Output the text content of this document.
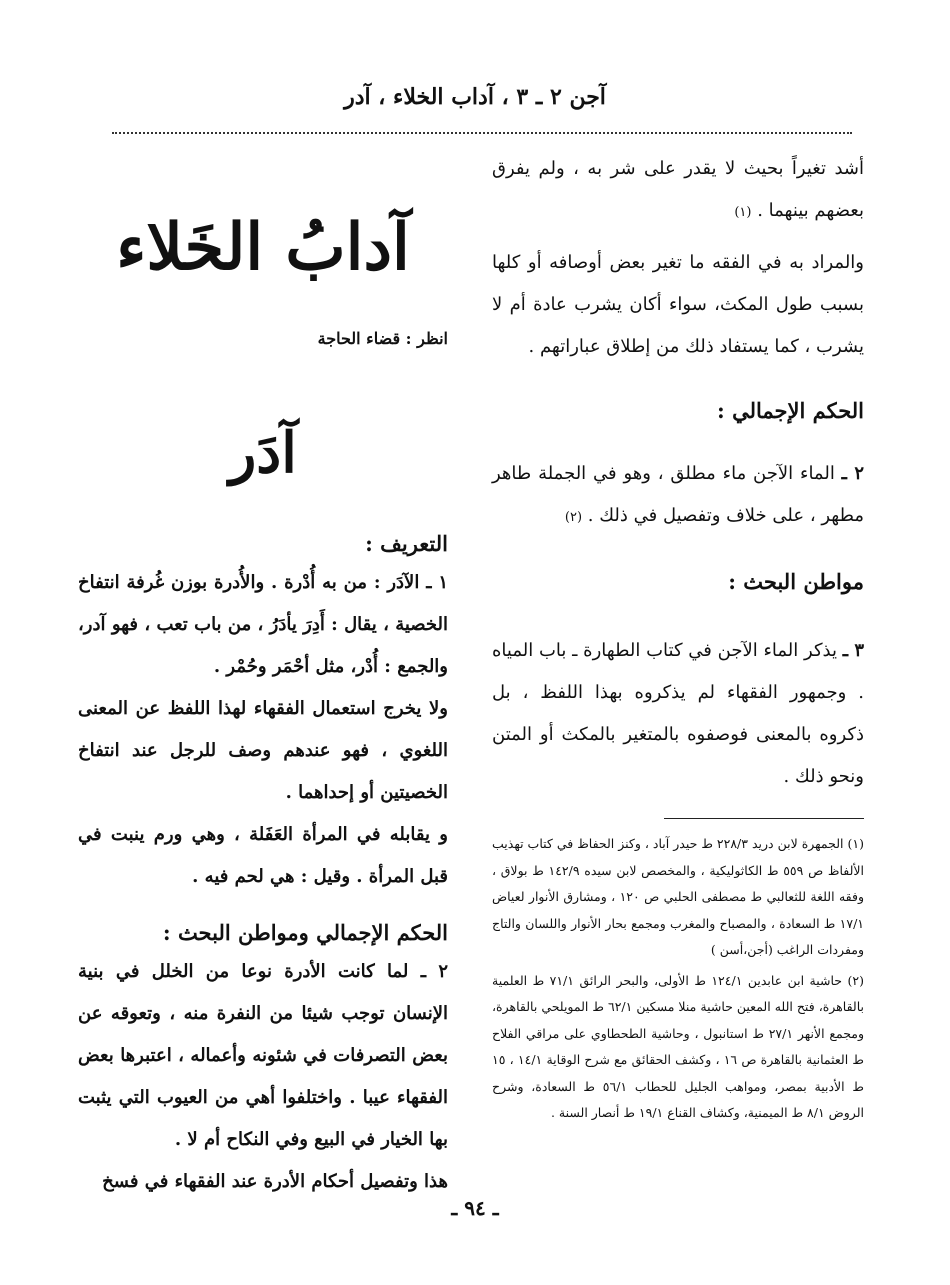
آجن ٢ ـ ٣ ، آداب الخلاء ، آدر

أشد تغيراً بحيث لا يقدر على شر به ، ولم يفرق بعضهم بينهما . (١)

والمراد به في الفقه ما تغير بعض أوصافه أو كلها بسبب طول المكث، سواء أكان يشرب عادة أم لا يشرب ، كما يستفاد ذلك من إطلاق عباراتهم .

الحكم الإجمالي :

٢ ـ الماء الآجن ماء مطلق ، وهو في الجملة طاهر مطهر ، على خلاف وتفصيل في ذلك . (٢)

مواطن البحث :

٣ ـ يذكر الماء الآجن في كتاب الطهارة ـ باب المياه . وجمهور الفقهاء لم يذكروه بهذا اللفظ ، بل ذكروه بالمعنى فوصفوه بالمتغير بالمكث أو المتن ونحو ذلك .

(١) الجمهرة لابن دريد ٢٢٨/٣ ط حيدر آباد ، وكنز الحفاظ في كتاب تهذيب الألفاظ ص ٥٥٩ ط الكاثوليكية ، والمخصص لابن سيده ١٤٢/٩ ط بولاق ، وفقه اللغة للثعالبي ط مصطفى الحلبي ص ١٢٠ ، ومشارق الأنوار لعياض ١٧/١ ط السعادة ، والمصباح والمغرب ومجمع بحار الأنوار واللسان والتاج ومفردات الراغب (أجن،أسن )

(٢) حاشية ابن عابدين ١٢٤/١ ط الأولى، والبحر الرائق ٧١/١ ط العلمية بالقاهرة، فتح الله المعين حاشية منلا مسكين ٦٢/١ ط المويلحي بالقاهرة، ومجمع الأنهر ٢٧/١ ط استانبول ، وحاشية الطحطاوي على مراقي الفلاح ط العثمانية بالقاهرة ص ١٦ ، وكشف الحقائق مع شرح الوقاية ١٤/١ ، ١٥ ط الأدبية بمصر، ومواهب الجليل للحطاب ٥٦/١ ط السعادة، وشرح الروض ٨/١ ط الميمنية، وكشاف القناع ١٩/١ ط أنصار السنة .

آدابُ الخَلاء

انظر : قضاء الحاجة

آدَر
التعريف :

١ ـ الآدَر : من به أُدْرة . والأُدرة بوزن غُرفة انتفاخ الخصية ، يقال : أَدِرَ يأدَرُ ، من باب تعب ، فهو آدر، والجمع : أُدْر، مثل أحْمَر وحُمْر .

ولا يخرج استعمال الفقهاء لهذا اللفظ عن المعنى اللغوي ، فهو عندهم وصف للرجل عند انتفاخ الخصيتين أو إحداهما .

و يقابله في المرأة العَفَلة ، وهي ورم ينبت في قبل المرأة . وقيل : هي لحم فيه .

الحكم الإجمالي ومواطن البحث :

٢ ـ لما كانت الأدرة نوعا من الخلل في بنية الإنسان توجب شيئا من النفرة منه ، وتعوقه عن بعض التصرفات في شئونه وأعماله ، اعتبرها بعض الفقهاء عيبا . واختلفوا أهي من العيوب التي يثبت بها الخيار في البيع وفي النكاح أم لا .

هذا وتفصيل أحكام الأدرة عند الفقهاء في فسخ

ـ ٩٤ ـ
